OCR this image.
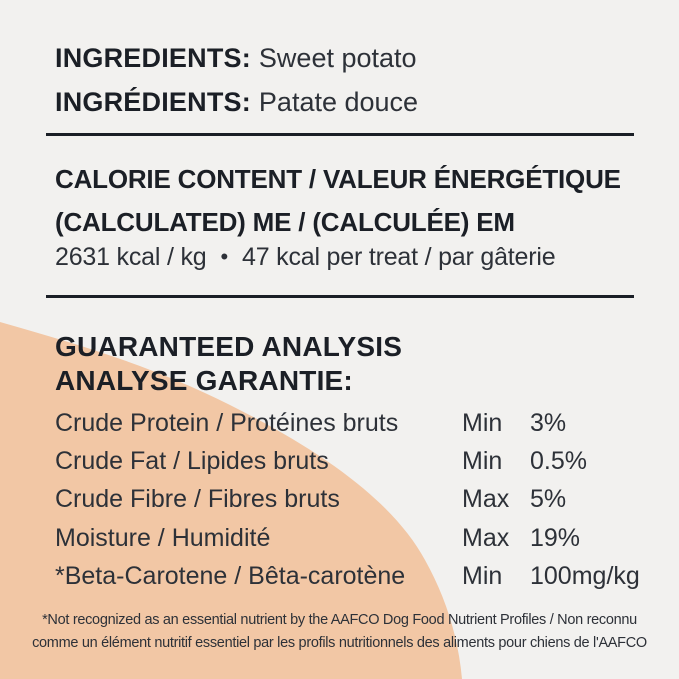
INGREDIENTS: Sweet potato
INGRÉDIENTS: Patate douce
CALORIE CONTENT / VALEUR ÉNERGÉTIQUE
(CALCULATED) ME / (CALCULÉE) EM
2631 kcal / kg • 47 kcal per treat / par gâterie
GUARANTEED ANALYSIS
ANALYSE GARANTIE:
Crude Protein / Protéines bruts	Min	3%
Crude Fat / Lipides bruts	Min	0.5%
Crude Fibre / Fibres bruts	Max 5%
Moisture / Humidité	Max 19%
*Beta-Carotene / Bêta-carotène	Min	100mg/kg
*Not recognized as an essential nutrient by the AAFCO Dog Food Nutrient Profiles / Non reconnu
comme un élément nutritif essentiel par les profils nutritionnels des aliments pour chiens de l'AAFCO
